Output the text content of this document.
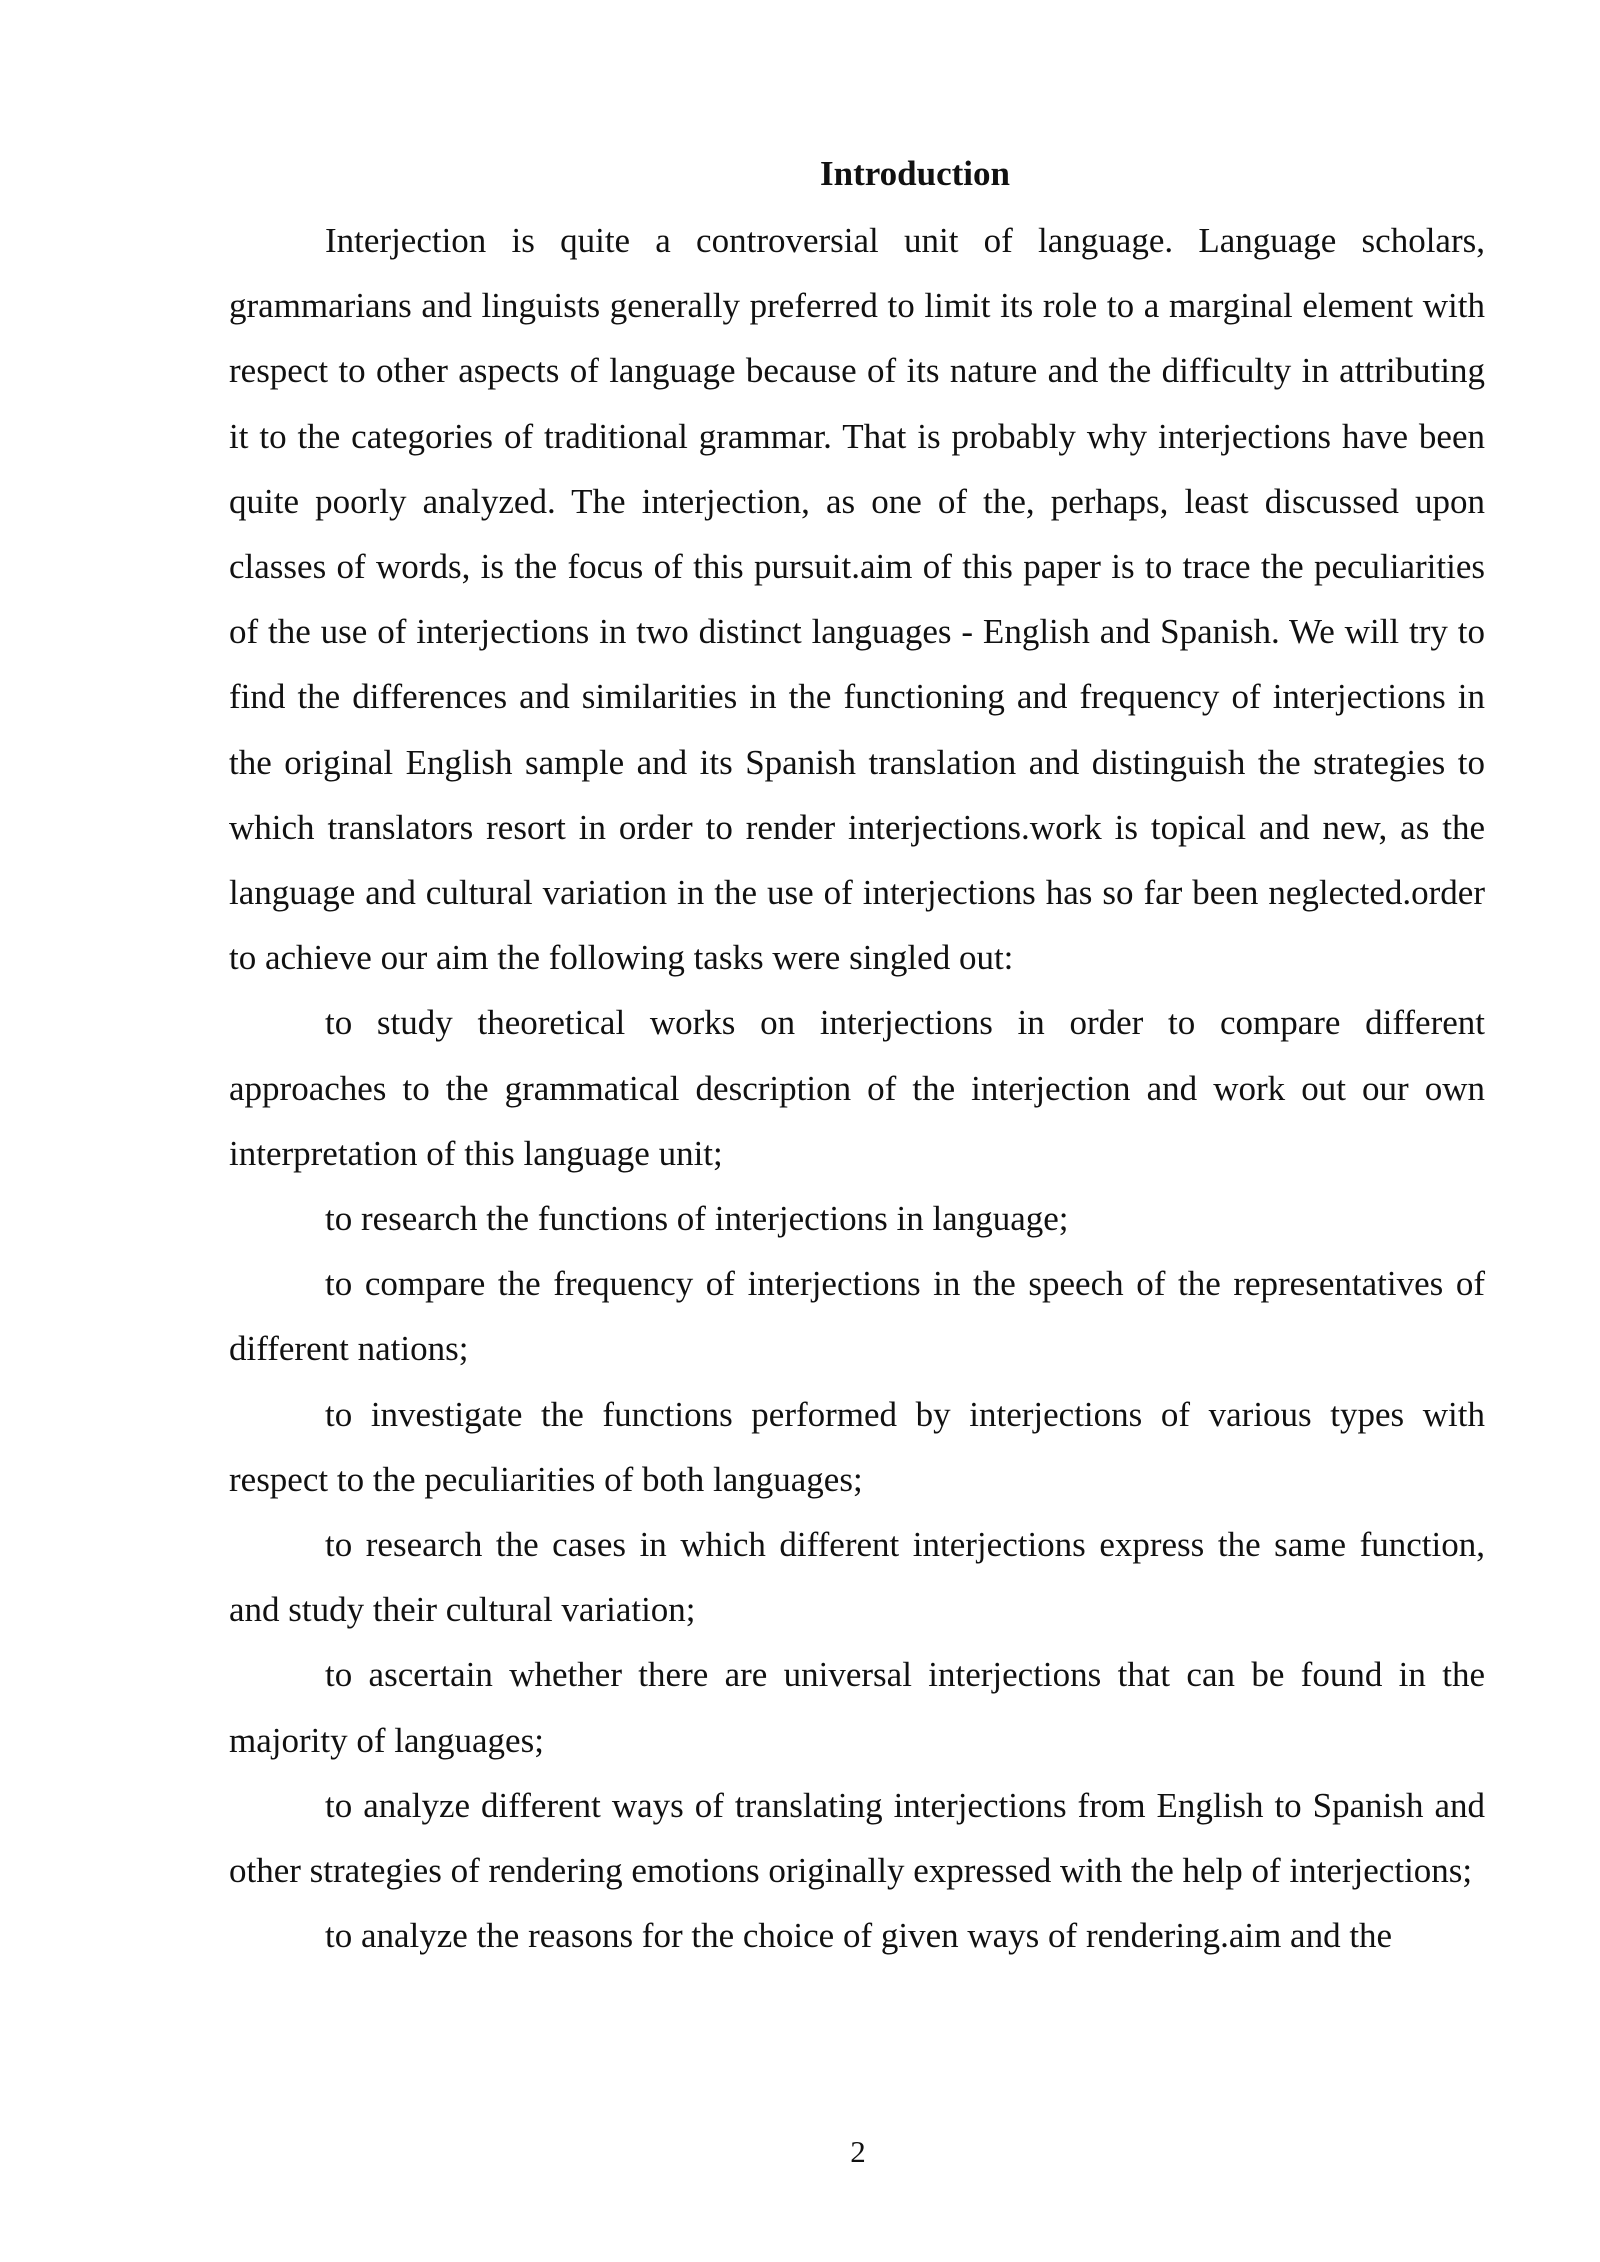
Introduction

Interjection is quite a controversial unit of language. Language scholars, grammarians and linguists generally preferred to limit its role to a marginal element with respect to other aspects of language because of its nature and the difficulty in attributing it to the categories of traditional grammar. That is probably why interjections have been quite poorly analyzed. The interjection, as one of the, perhaps, least discussed upon classes of words, is the focus of this pursuit.aim of this paper is to trace the peculiarities of the use of interjections in two distinct languages - English and Spanish. We will try to find the differences and similarities in the functioning and frequency of interjections in the original English sample and its Spanish translation and distinguish the strategies to which translators resort in order to render interjections.work is topical and new, as the language and cultural variation in the use of interjections has so far been neglected.order to achieve our aim the following tasks were singled out:

to study theoretical works on interjections in order to compare different approaches to the grammatical description of the interjection and work out our own interpretation of this language unit;

to research the functions of interjections in language;

to compare the frequency of interjections in the speech of the representatives of different nations;

to investigate the functions performed by interjections of various types with respect to the peculiarities of both languages;

to research the cases in which different interjections express the same function, and study their cultural variation;

to ascertain whether there are universal interjections that can be found in the majority of languages;

to analyze different ways of translating interjections from English to Spanish and other strategies of rendering emotions originally expressed with the help of interjections;

to analyze the reasons for the choice of given ways of rendering.aim and the

2
